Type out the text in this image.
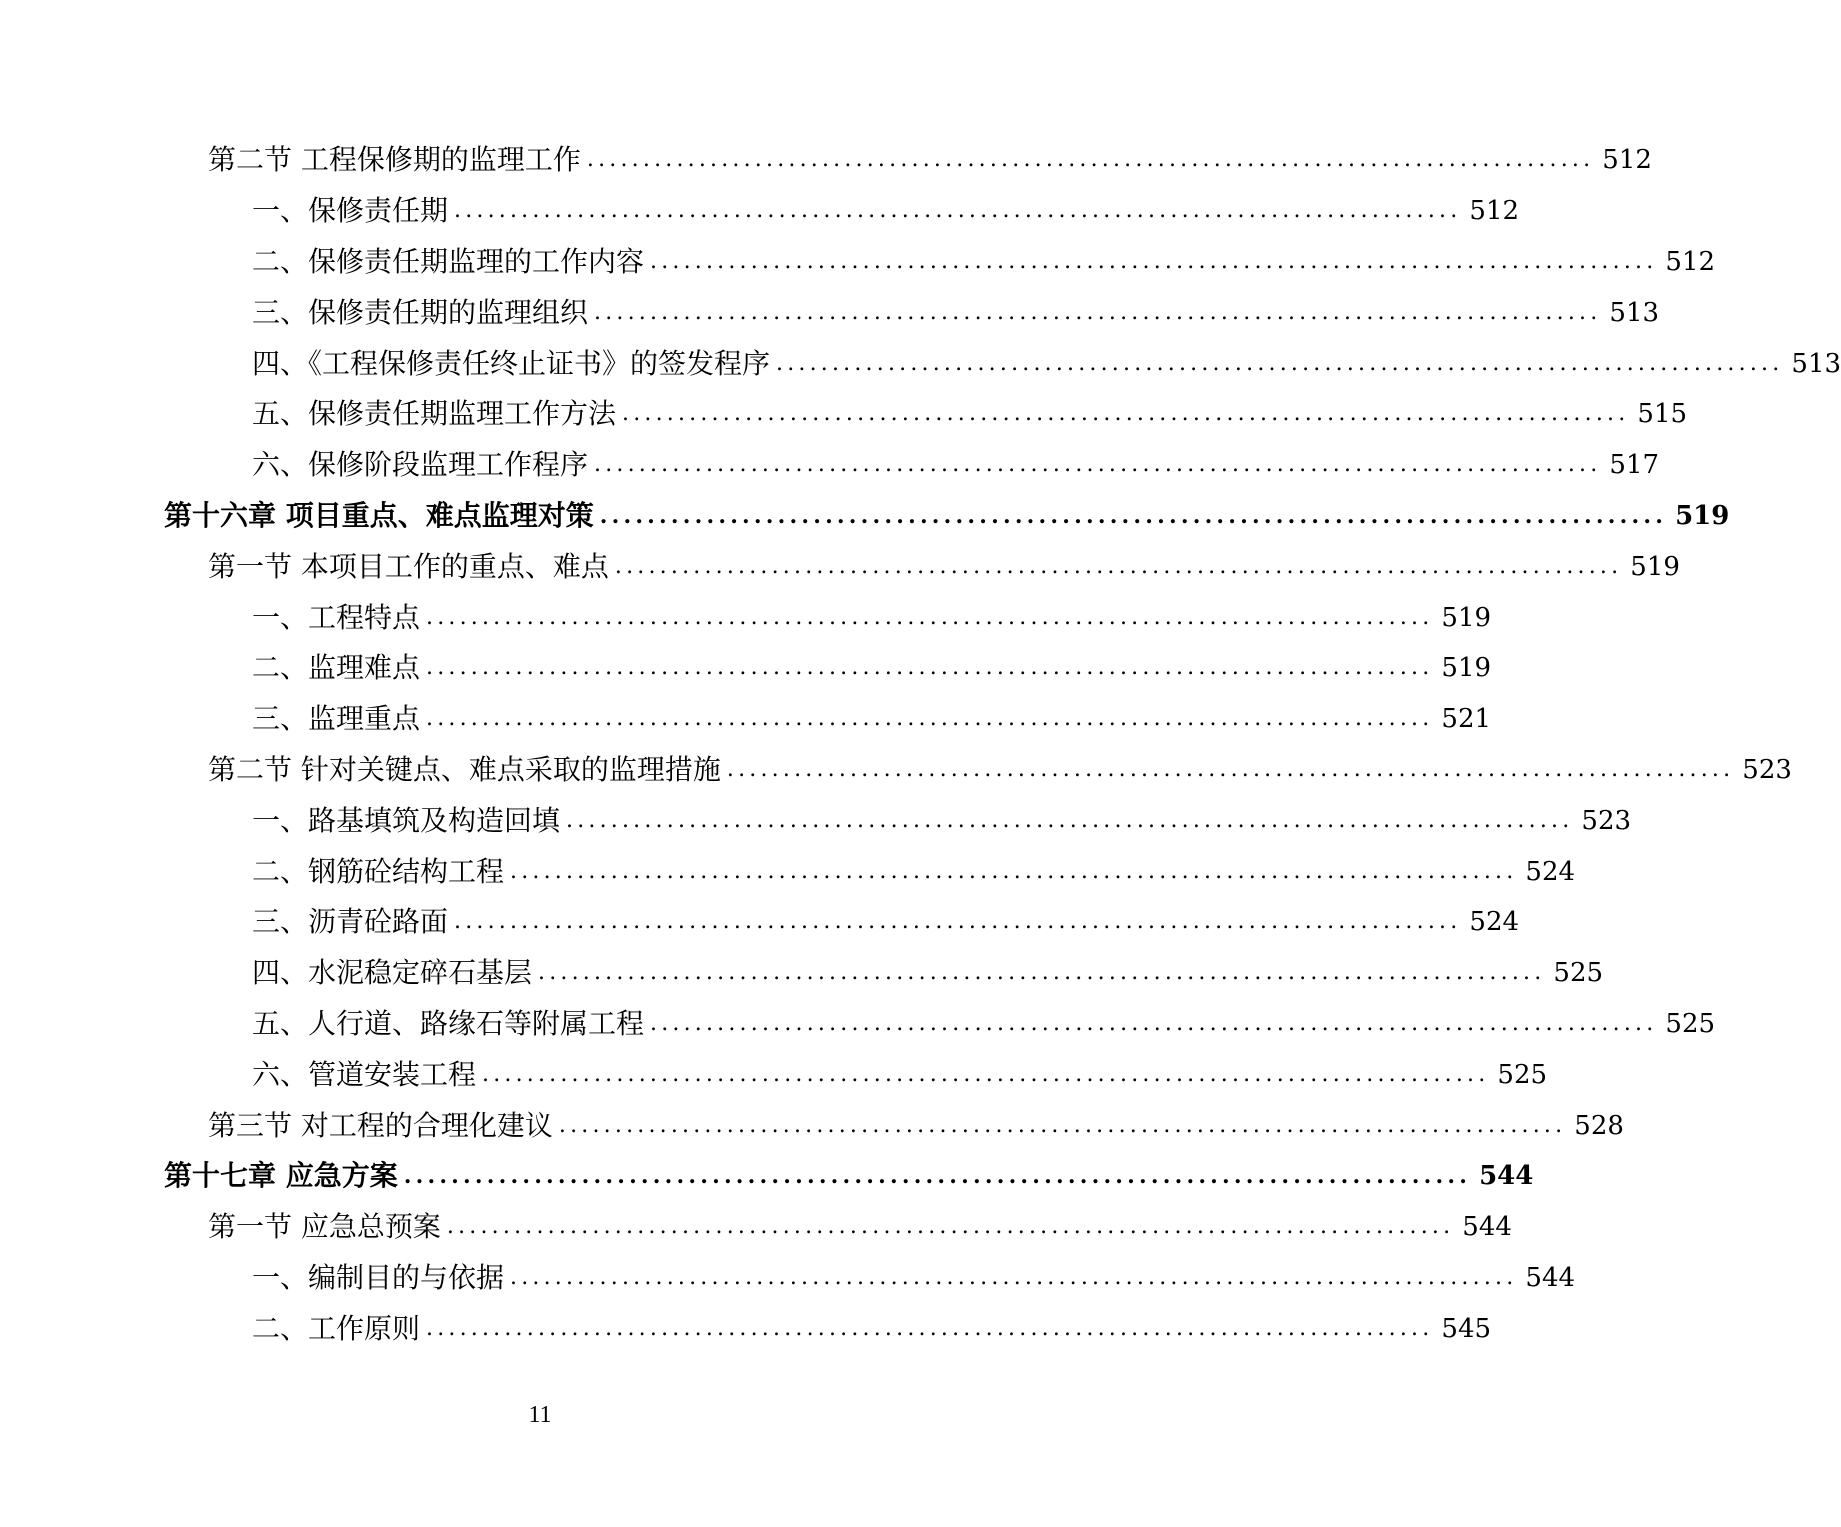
第二节 工程保修期的监理工作 .......................................................................................... 512
一、保修责任期 .......................................................................................... 512
二、保修责任期监理的工作内容 .......................................................................................... 512
三、保修责任期的监理组织 .......................................................................................... 513
四、《工程保修责任终止证书》的签发程序 .......................................................................................... 513
五、保修责任期监理工作方法 .......................................................................................... 515
六、保修阶段监理工作程序 .......................................................................................... 517
第十六章 项目重点、难点监理对策 .......................................................................................... 519
第一节 本项目工作的重点、难点 .......................................................................................... 519
一、工程特点 .......................................................................................... 519
二、监理难点 .......................................................................................... 519
三、监理重点 .......................................................................................... 521
第二节 针对关键点、难点采取的监理措施 .......................................................................................... 523
一、路基填筑及构造回填 .......................................................................................... 523
二、钢筋砼结构工程 .......................................................................................... 524
三、沥青砼路面 .......................................................................................... 524
四、水泥稳定碎石基层 .......................................................................................... 525
五、人行道、路缘石等附属工程 .......................................................................................... 525
六、管道安装工程 .......................................................................................... 525
第三节 对工程的合理化建议 .......................................................................................... 528
第十七章 应急方案 .......................................................................................... 544
第一节 应急总预案 .......................................................................................... 544
一、编制目的与依据 .......................................................................................... 544
二、工作原则 .......................................................................................... 545
11
